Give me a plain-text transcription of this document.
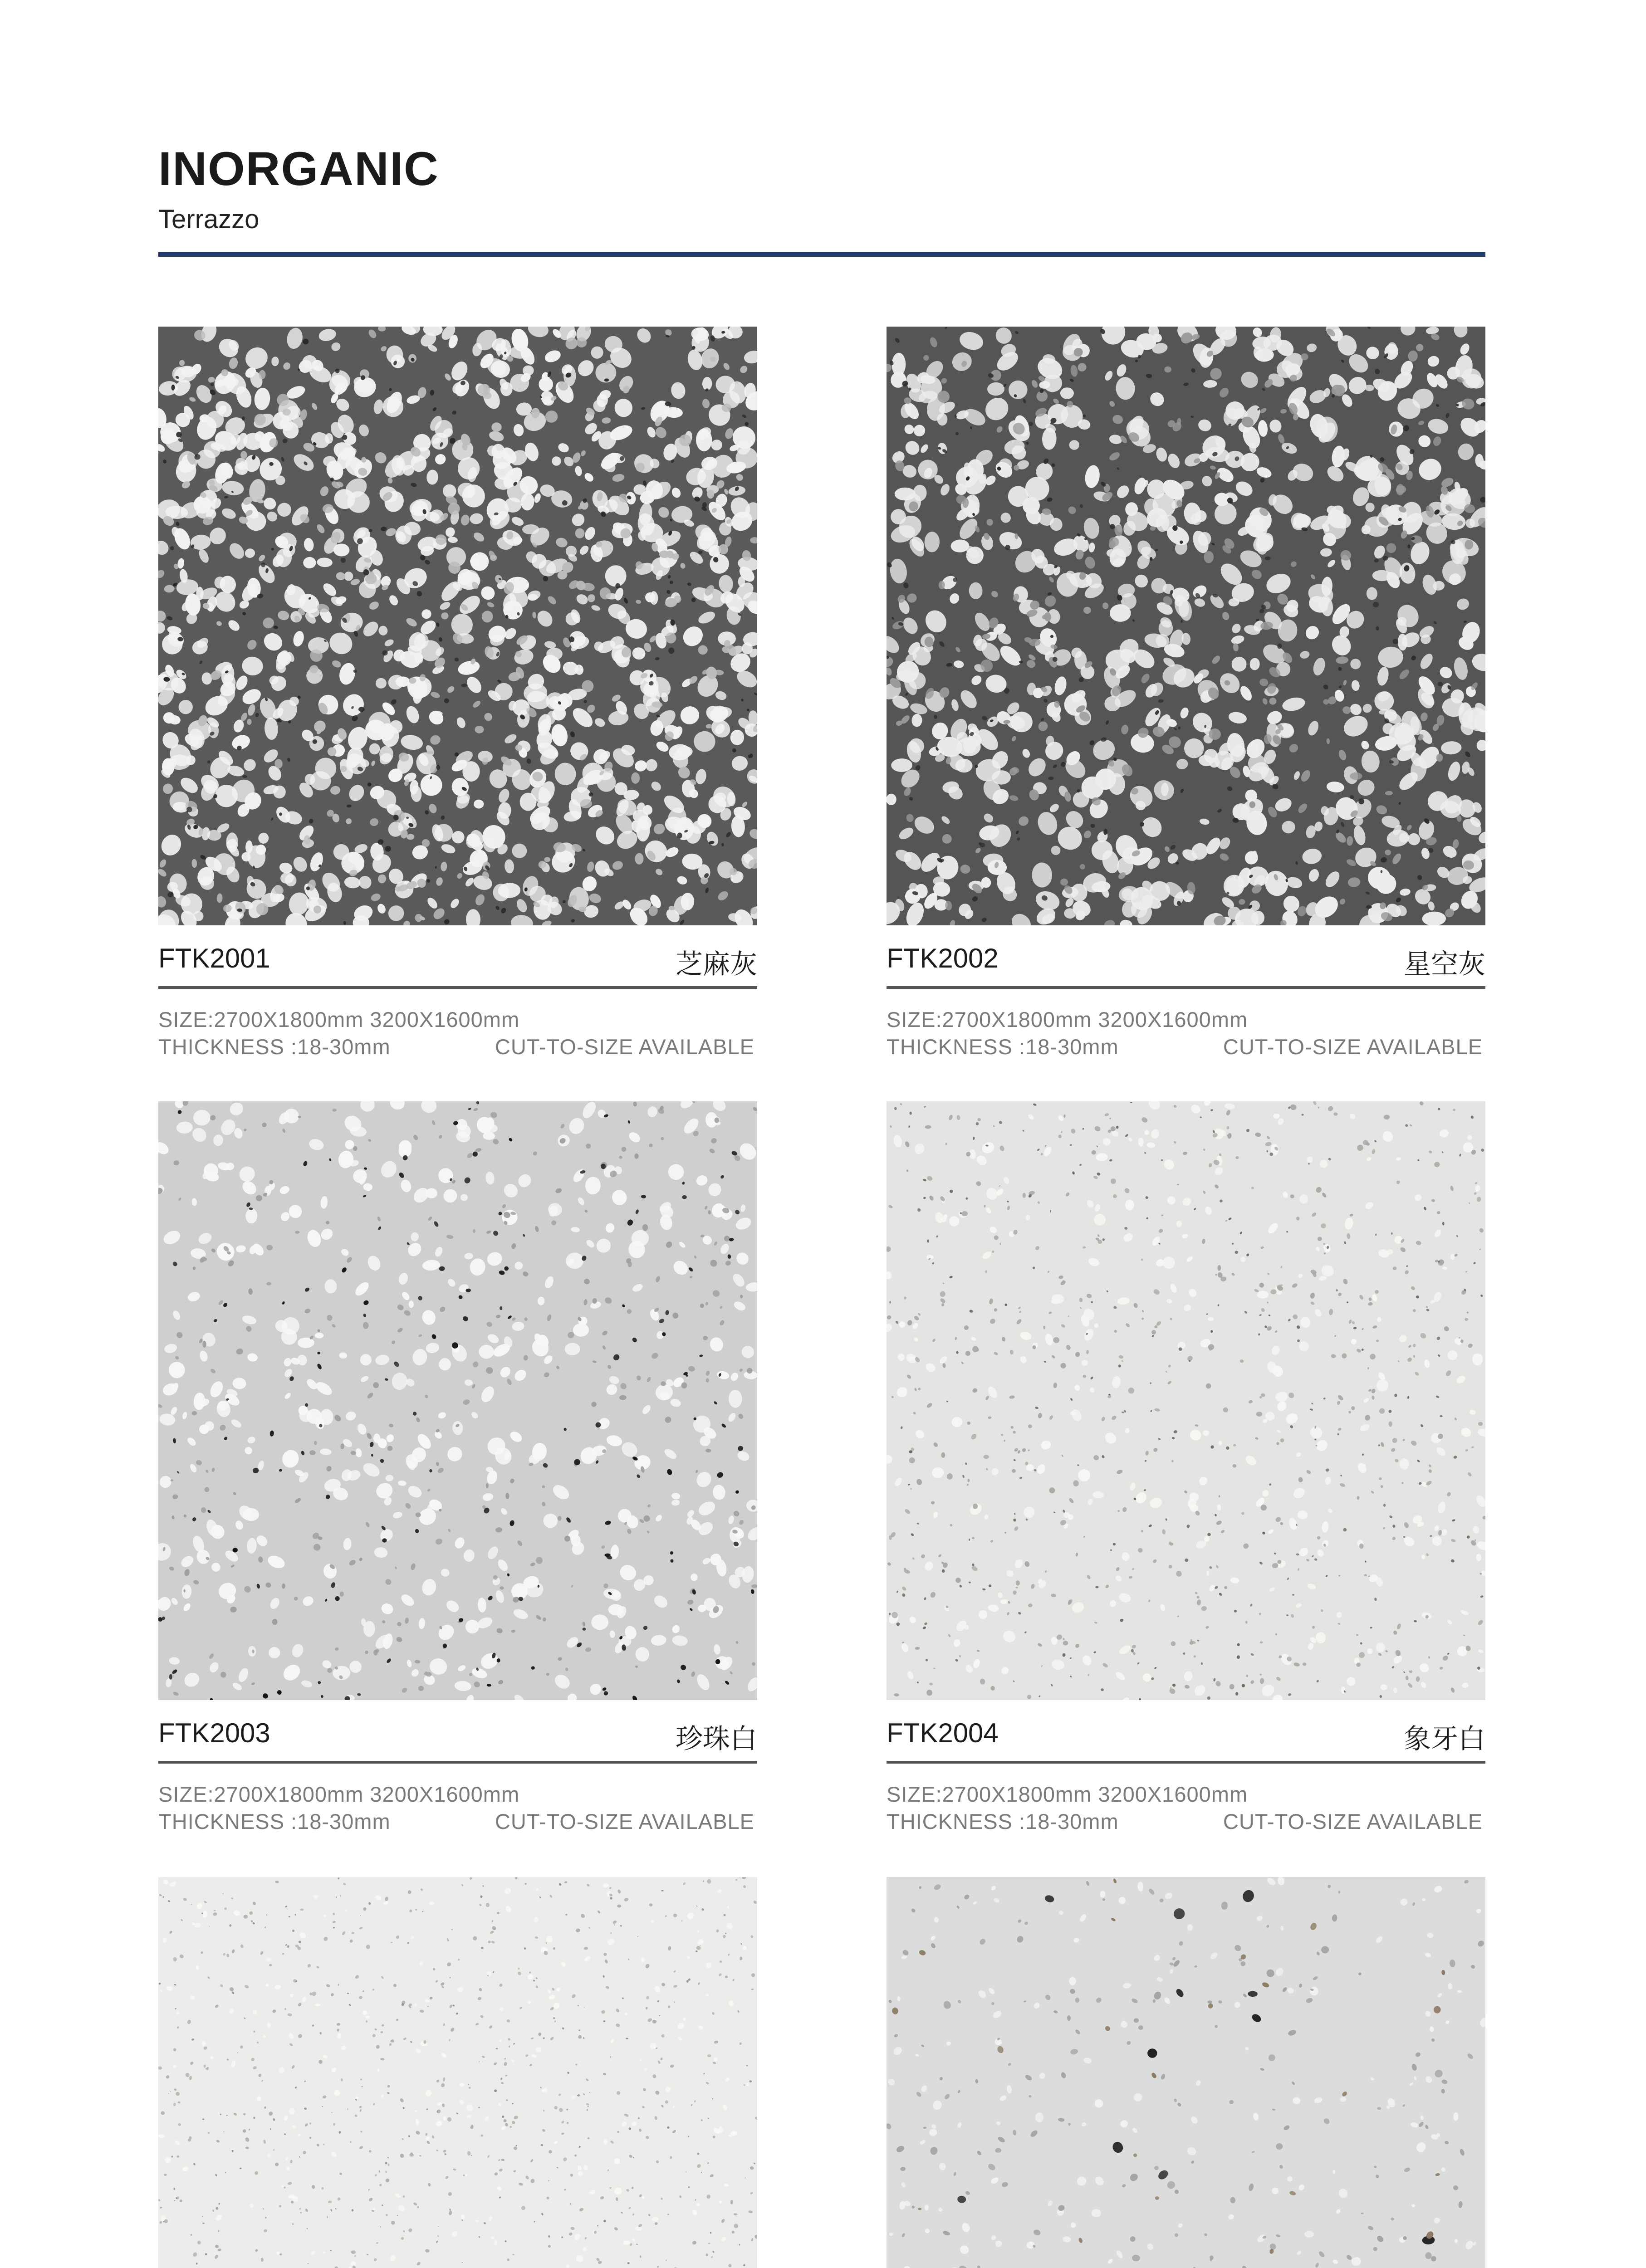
INORGANIC
Terrazzo
FTK2001	芝麻灰
SIZE:2700X1800mm 3200X1600mm
THICKNESS :18-30mm	CUT-TO-SIZE AVAILABLE
FTK2002	星空灰
SIZE:2700X1800mm 3200X1600mm
THICKNESS :18-30mm	CUT-TO-SIZE AVAILABLE
FTK2003	珍珠白
SIZE:2700X1800mm 3200X1600mm
THICKNESS :18-30mm	CUT-TO-SIZE AVAILABLE
FTK2004	象牙白
SIZE:2700X1800mm 3200X1600mm
THICKNESS :18-30mm	CUT-TO-SIZE AVAILABLE
